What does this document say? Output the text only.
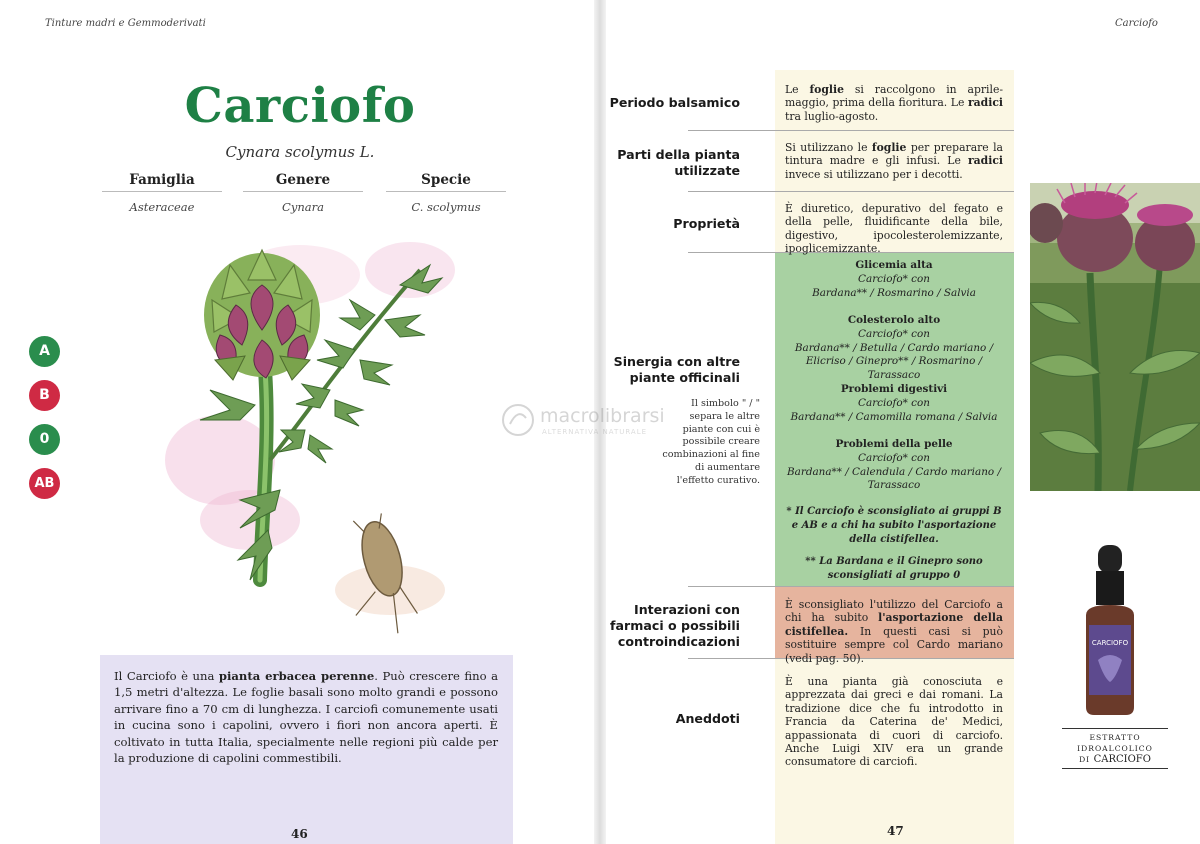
Tinture madri e Gemmoderivati
Carciofo
Cynara scolymus L.
Famiglia
Asteraceae
Genere
Cynara
Specie
C. scolymus
A
B
0
AB
Il Carciofo è una pianta erbacea perenne. Può crescere fino a 1,5 metri d'altezza. Le foglie basali sono molto grandi e possono arrivare fino a 70 cm di lunghezza. I carciofi comunemente usati in cucina sono i capolini, ovvero i fiori non ancora aperti. È coltivato in tutta Italia, specialmente nelle regioni più calde per la produzione di capolini commestibili.
46
Carciofo
Periodo balsamico
Parti della pianta
utilizzate
Proprietà
Sinergia con altre
piante officinali
Interazioni con
farmaci o possibili
controindicazioni
Aneddoti
Il simbolo " / " separa le altre piante con cui è possibile creare combinazioni al fine di aumentare l'effetto curativo.
Le foglie si raccolgono in aprile-maggio, prima della fioritura. Le radici tra luglio-agosto.
Si utilizzano le foglie per preparare la tintura madre e gli infusi. Le radici invece si utilizzano per i decotti.
È diuretico, depurativo del fegato e della pelle, fluidificante della bile, digestivo, ipocolesterolemizzante, ipoglicemizzante.
Glicemia alta
Carciofo* con
Bardana** / Rosmarino / Salvia
Colesterolo alto
Carciofo* con
Bardana** / Betulla / Cardo mariano / Elicriso / Ginepro** / Rosmarino / Tarassaco
Problemi digestivi
Carciofo* con
Bardana** / Camomilla romana / Salvia
Problemi della pelle
Carciofo* con
Bardana** / Calendula / Cardo mariano / Tarassaco
* Il Carciofo è sconsigliato ai gruppi B e AB e a chi ha subito l'asportazione della cistifellea.
** La Bardana e il Ginepro sono sconsigliati al gruppo 0
È sconsigliato l'utilizzo del Carciofo a chi ha subito l'asportazione della cistifellea. In questi casi si può sostituire sempre col Cardo mariano (vedi pag. 50).
È una pianta già conosciuta e apprezzata dai greci e dai romani. La tradizione dice che fu introdotto in Francia da Caterina de' Medici, appassionata di cuori di carciofo. Anche Luigi XIV era un grande consumatore di carciofi.
CARCIOFO
ESTRATTO IDROALCOLICO
DI CARCIOFO
47
macrolibrarsi
ALTERNATIVA NATURALE
